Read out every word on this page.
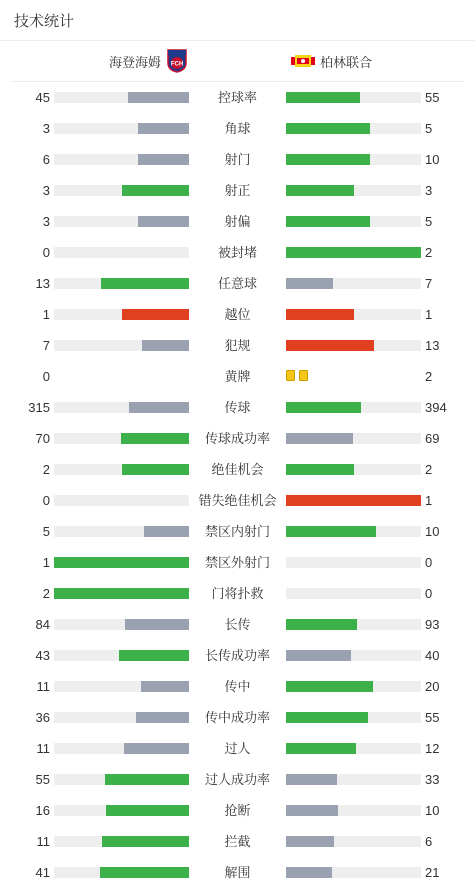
技术统计
海登海姆 FCH	柏林联合
45	控球率	55
3	角球	5
6	射门	10
3	射正	3
3	射偏	5
0	被封堵	2
13	任意球	7
1	越位	1
7	犯规	13
0	黄牌	2
315	传球	394
70	传球成功率	69
2	绝佳机会	2
0	错失绝佳机会	1
5	禁区内射门	10
1	禁区外射门	0
2	门将扑救	0
84	长传	93
43	长传成功率	40
11	传中	20
36	传中成功率	55
11	过人	12
55	过人成功率	33
16	抢断	10
11	拦截	6
41	解围	21
